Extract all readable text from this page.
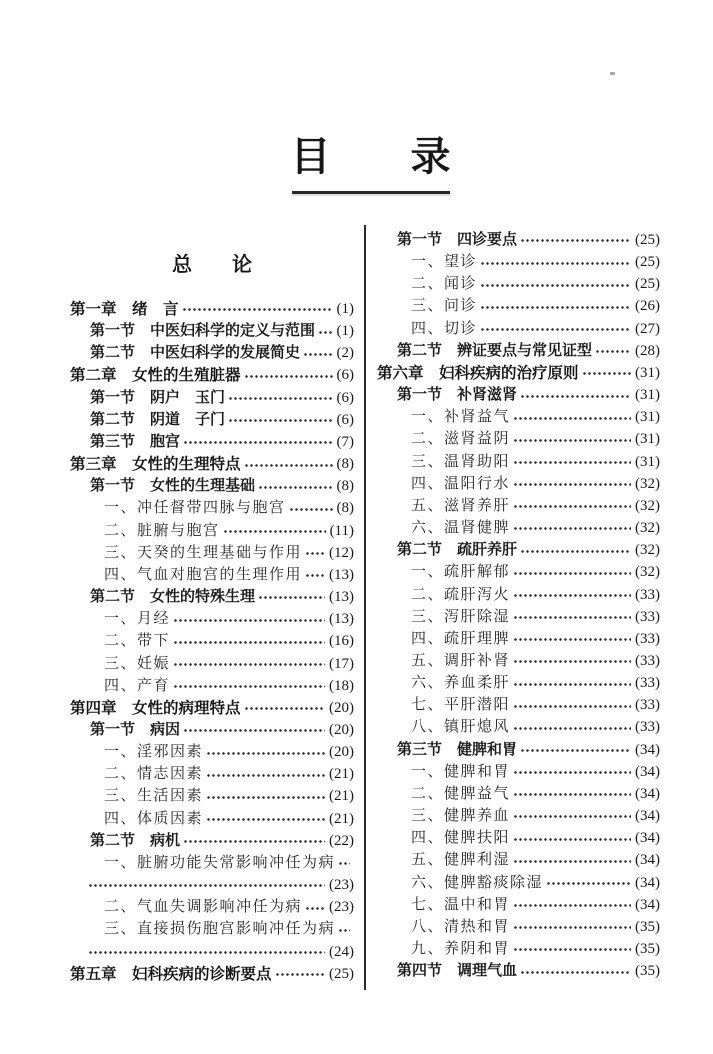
目　　录
总　　论
第一章　绪　言	(1)
第一节　中医妇科学的定义与范围 (1)
第二节　中医妇科学的发展简史 (2)
第二章　女性的生殖脏器	(6)
第一节　阴户　玉门	(6)
第二节　阴道　子门	(6)
第三节　胞宫	(7)
第三章　女性的生理特点	(8)
第一节　女性的生理基础	(8)
一、冲任督带四脉与胞宫	(8)
二、脏腑与胞宫	(11)
三、天癸的生理基础与作用 (12)
四、气血对胞宫的生理作用 (13)
第二节　女性的特殊生理	(13)
一、月经	(13)
二、带下	(16)
三、妊娠	(17)
四、产育	(18)
第四章　女性的病理特点	(20)
第一节　病因	(20)
一、淫邪因素	(20)
二、情志因素	(21)
三、生活因素	(21)
四、体质因素	(21)
第二节　病机	(22)
一、脏腑功能失常影响冲任为病
(23)
二、气血失调影响冲任为病 (23)
三、直接损伤胞宫影响冲任为病
(24)
第五章　妇科疾病的诊断要点	(25)
第一节　四诊要点	(25)
一、望诊	(25)
二、闻诊	(25)
三、问诊	(26)
四、切诊	(27)
第二节　辨证要点与常见证型	(28)
第六章　妇科疾病的治疗原则	(31)
第一节　补肾滋肾	(31)
一、补肾益气	(31)
二、滋肾益阴	(31)
三、温肾助阳	(31)
四、温阳行水	(32)
五、滋肾养肝	(32)
六、温肾健脾	(32)
第二节　疏肝养肝	(32)
一、疏肝解郁	(32)
二、疏肝泻火	(33)
三、泻肝除湿	(33)
四、疏肝理脾	(33)
五、调肝补肾	(33)
六、养血柔肝	(33)
七、平肝潜阳	(33)
八、镇肝熄风	(33)
第三节　健脾和胃	(34)
一、健脾和胃	(34)
二、健脾益气	(34)
三、健脾养血	(34)
四、健脾扶阳	(34)
五、健脾利湿	(34)
六、健脾豁痰除湿	(34)
七、温中和胃	(34)
八、清热和胃	(35)
九、养阴和胃	(35)
第四节　调理气血	(35)
